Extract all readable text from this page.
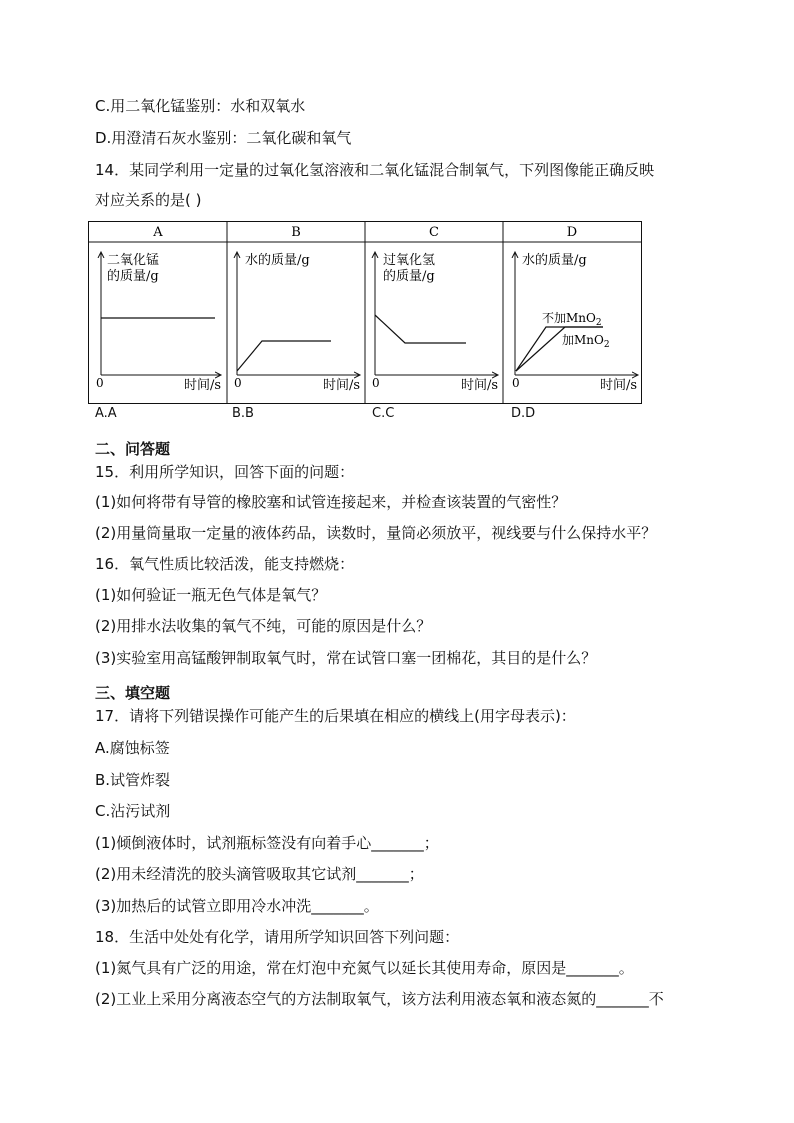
C.用二氧化锰鉴别：水和双氧水
D.用澄清石灰水鉴别：二氧化碳和氧气
14．某同学利用一定量的过氧化氢溶液和二氧化锰混合制氧气，下列图像能正确反映
对应关系的是( )
A
二氧化锰
的质量/g
0	时间/s
B
水的质量/g
0	时间/s
C
过氧化氢
的质量/g
0	时间/s
D
水的质量/g
0	时间/s
不加MnO$_2$
加MnO$_2$
A.A	B.B	C.C	D.D
二、问答题
15．利用所学知识，回答下面的问题：
(1)如何将带有导管的橡胶塞和试管连接起来，并检查该装置的气密性？
(2)用量筒量取一定量的液体药品，读数时，量筒必须放平，视线要与什么保持水平？
16．氧气性质比较活泼，能支持燃烧：
(1)如何验证一瓶无色气体是氧气？
(2)用排水法收集的氧气不纯，可能的原因是什么？
(3)实验室用高锰酸钾制取氧气时，常在试管口塞一团棉花，其目的是什么？
三、填空题
17．请将下列错误操作可能产生的后果填在相应的横线上(用字母表示)：
A.腐蚀标签
B.试管炸裂
C.沾污试剂
(1)倾倒液体时，试剂瓶标签没有向着手心_______；
(2)用未经清洗的胶头滴管吸取其它试剂_______；
(3)加热后的试管立即用冷水冲洗_______。
18．生活中处处有化学，请用所学知识回答下列问题：
(1)氮气具有广泛的用途，常在灯泡中充氮气以延长其使用寿命，原因是_______。
(2)工业上采用分离液态空气的方法制取氧气，该方法利用液态氧和液态氮的_______不
